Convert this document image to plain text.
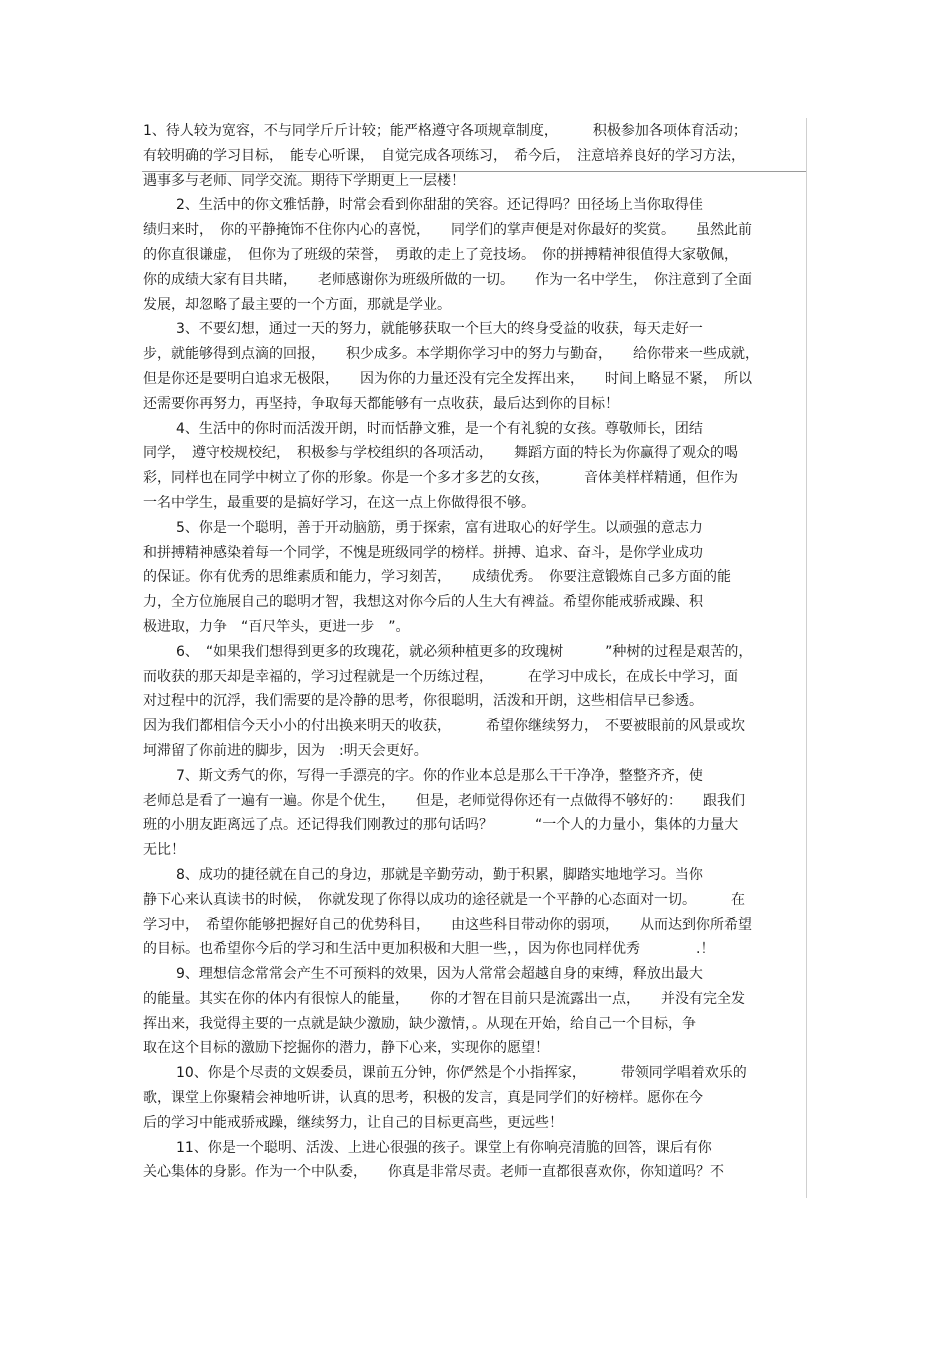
1、待人较为宽容，不与同学斤斤计较；能严格遵守各项规章制度，　　　积极参加各项体育活动；
有较明确的学习目标，　能专心听课，　自觉完成各项练习，　希今后，　注意培养良好的学习方法，
遇事多与老师、同学交流。期待下学期更上一层楼！
2、生活中的你文雅恬静，时常会看到你甜甜的笑容。还记得吗？田径场上当你取得佳
绩归来时，　你的平静掩饰不住你内心的喜悦，　　同学们的掌声便是对你最好的奖赏。　　虽然此前
的你直很谦虚，　但你为了班级的荣誉，　勇敢的走上了竞技场。　你的拼搏精神很值得大家敬佩，
你的成绩大家有目共睹，　　老师感谢你为班级所做的一切。　　作为一名中学生，　你注意到了全面
发展，却忽略了最主要的一个方面，那就是学业。
3、不要幻想，通过一天的努力，就能够获取一个巨大的终身受益的收获，每天走好一
步，就能够得到点滴的回报，　　积少成多。本学期你学习中的努力与勤奋，　　给你带来一些成就，
但是你还是要明白追求无极限，　　因为你的力量还没有完全发挥出来，　　时间上略显不紧，　所以
还需要你再努力，再坚持，争取每天都能够有一点收获，最后达到你的目标！
4、生活中的你时而活泼开朗，时而恬静文雅，是一个有礼貌的女孩。尊敬师长，团结
同学，　遵守校规校纪，　积极参与学校组织的各项活动，　　舞蹈方面的特长为你赢得了观众的喝
彩，同样也在同学中树立了你的形象。你是一个多才多艺的女孩，　　　音体美样样精通，但作为
一名中学生，最重要的是搞好学习，在这一点上你做得很不够。
5、你是一个聪明，善于开动脑筋，勇于探索，富有进取心的好学生。以顽强的意志力
和拼搏精神感染着每一个同学，不愧是班级同学的榜样。拼搏、追求、奋斗，是你学业成功
的保证。你有优秀的思维素质和能力，学习刻苦，　　成绩优秀。　你要注意锻炼自己多方面的能
力，全方位施展自己的聪明才智，我想这对你今后的人生大有裨益。希望你能戒骄戒躁、积
极进取，力争　“百尺竿头，更进一步　”。
6、　“如果我们想得到更多的玫瑰花，就必须种植更多的玫瑰树　　　”种树的过程是艰苦的，
而收获的那天却是幸福的，学习过程就是一个历练过程，　　　在学习中成长，在成长中学习，面
对过程中的沉浮，我们需要的是冷静的思考，你很聪明，活泼和开朗，这些相信早已参透。
因为我们都相信今天小小的付出换来明天的收获，　　　希望你继续努力，　不要被眼前的风景或坎
坷滞留了你前进的脚步，因为　:明天会更好。
7、斯文秀气的你，写得一手漂亮的字。你的作业本总是那么干干净净，整整齐齐，使
老师总是看了一遍有一遍。你是个优生，　　但是，老师觉得你还有一点做得不够好的：　　跟我们
班的小朋友距离远了点。还记得我们刚教过的那句话吗？　　　“一个人的力量小，集体的力量大
无比！
8、成功的捷径就在自己的身边，那就是辛勤劳动，勤于积累，脚踏实地地学习。当你
静下心来认真读书的时候，　你就发现了你得以成功的途径就是一个平静的心态面对一切。　　　在
学习中，　希望你能够把握好自己的优势科目，　　由这些科目带动你的弱项，　　从而达到你所希望
的目标。也希望你今后的学习和生活中更加积极和大胆一些，，因为你也同样优秀　　　　.！
9、理想信念常常会产生不可预料的效果，因为人常常会超越自身的束缚，释放出最大
的能量。其实在你的体内有很惊人的能量，　　你的才智在目前只是流露出一点，　　并没有完全发
挥出来，我觉得主要的一点就是缺少激励，缺少激情，。从现在开始，给自己一个目标，争
取在这个目标的激励下挖掘你的潜力，静下心来，实现你的愿望！
10、你是个尽责的文娱委员，课前五分钟，你俨然是个小指挥家，　　　带领同学唱着欢乐的
歌，课堂上你聚精会神地听讲，认真的思考，积极的发言，真是同学们的好榜样。愿你在今
后的学习中能戒骄戒躁，继续努力，让自己的目标更高些，更远些！
11、你是一个聪明、活泼、上进心很强的孩子。课堂上有你响亮清脆的回答，课后有你
关心集体的身影。作为一个中队委，　　你真是非常尽责。老师一直都很喜欢你，你知道吗？不
